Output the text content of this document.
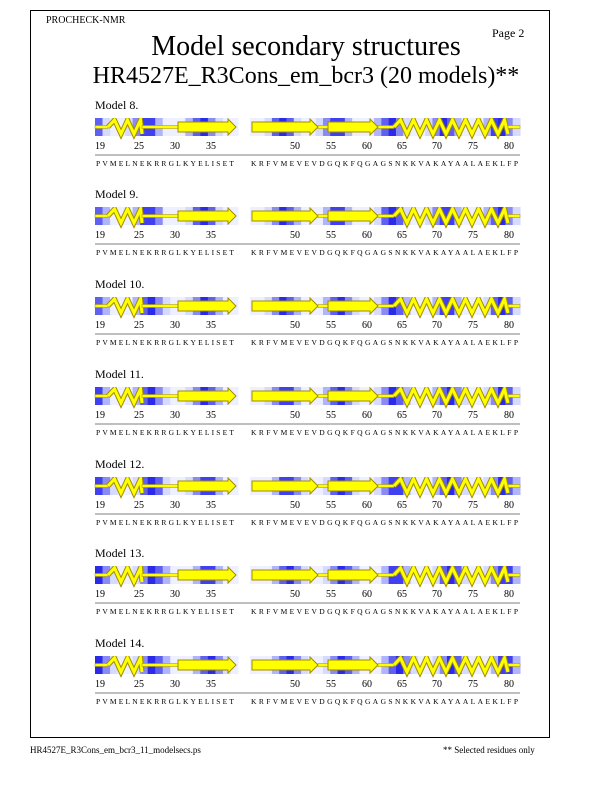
PROCHECK-NMR
Page 2
Model secondary structures
HR4527E_R3Cons_em_bcr3 (20 models)**
Model 8.
19	25	30	35	50	55	60	65	70	75	80
PVMELNEKRRGLKYELISET KRFVMEVEVDGQKFQGAGSNKKVAKAYAALAEKLFP
Model 9.
19	25	30	35	50	55	60	65	70	75	80
PVMELNEKRRGLKYELISET KRFVMEVEVDGQKFQGAGSNKKVAKAYAALAEKLFP
Model 10.
19	25	30	35	50	55	60	65	70	75	80
PVMELNEKRRGLKYELISET KRFVMEVEVDGQKFQGAGSNKKVAKAYAALAEKLFP
Model 11.
19	25	30	35	50	55	60	65	70	75	80
PVMELNEKRRGLKYELISET KRFVMEVEVDGQKFQGAGSNKKVAKAYAALAEKLFP
Model 12.
19	25	30	35	50	55	60	65	70	75	80
PVMELNEKRRGLKYELISET KRFVMEVEVDGQKFQGAGSNKKVAKAYAALAEKLFP
Model 13.
19	25	30	35	50	55	60	65	70	75	80
PVMELNEKRRGLKYELISET KRFVMEVEVDGQKFQGAGSNKKVAKAYAALAEKLFP
Model 14.
19	25	30	35	50	55	60	65	70	75	80
PVMELNEKRRGLKYELISET KRFVMEVEVDGQKFQGAGSNKKVAKAYAALAEKLFP
HR4527E_R3Cons_em_bcr3_11_modelsecs.ps	** Selected residues only
